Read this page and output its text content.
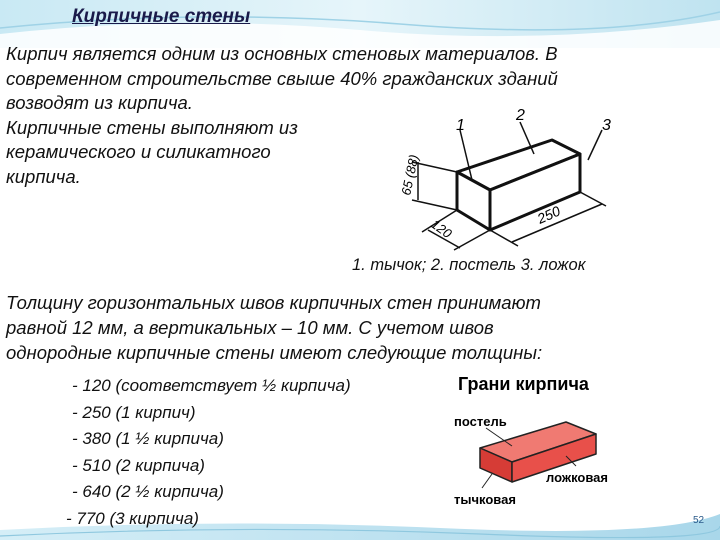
Кирпичные стены

Кирпич является одним из основных стеновых материалов. В

современном строительстве свыше 40% гражданских зданий

возводят из кирпича.

Кирпичные стены выполняют из

керамического и силикатного

кирпича.

1
2
3
65 (88)
120
250
1. тычок; 2. постель 3. ложок

Толщину горизонтальных швов кирпичных стен принимают

равной 12 мм, а вертикальных – 10 мм. С учетом швов

однородные кирпичные стены имеют следующие толщины:

- 120 (соответствует ½ кирпича)
- 250 (1 кирпич)
- 380 (1 ½ кирпича)
- 510 (2 кирпича)
- 640 (2 ½ кирпича)
- 770 (3 кирпича)
Грани кирпича
постель
ложковая
тычковая
52
